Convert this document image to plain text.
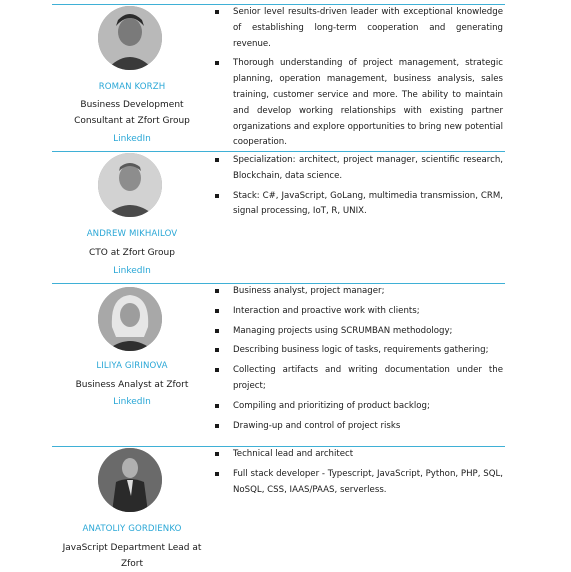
ROMAN KORZH
Business Development
Consultant at Zfort Group
LinkedIn
Senior level results-driven leader with exceptional knowledge of establishing long-term cooperation and generating revenue.
Thorough understanding of project management, strategic planning, operation management, business analysis, sales training, customer service and more. The ability to maintain and develop working relationships with existing partner organizations and explore opportunities to bring new potential cooperation.
ANDREW MIKHAILOV
CTO at Zfort Group
LinkedIn
Specialization: architect, project manager, scientific research, Blockchain, data science.
Stack: C#, JavaScript, GoLang, multimedia transmission, CRM, signal processing, IoT, R, UNIX.
LILIYA GIRINOVA
Business Analyst at Zfort
LinkedIn
Business analyst, project manager;
Interaction and proactive work with clients;
Managing projects using SCRUMBAN methodology;
Describing business logic of tasks, requirements gathering;
Collecting artifacts and writing documentation under the project;
Compiling and prioritizing of product backlog;
Drawing-up and control of project risks
ANATOLIY GORDIENKO
JavaScript Department Lead at
Zfort
Technical lead and architect
Full stack developer - Typescript, JavaScript, Python, PHP, SQL, NoSQL, CSS, IAAS/PAAS, serverless.
